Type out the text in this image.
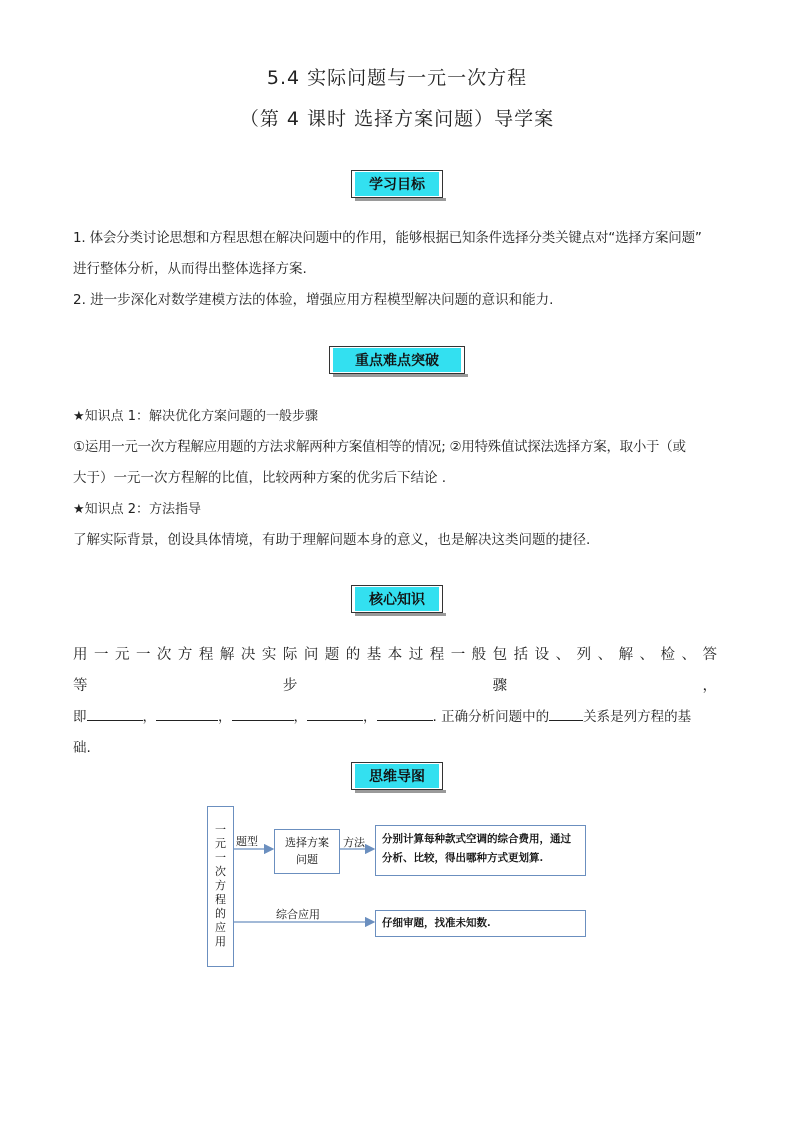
5.4 实际问题与一元一次方程
（第 4 课时 选择方案问题）导学案
学习目标
1. 体会分类讨论思想和方程思想在解决问题中的作用，能够根据已知条件选择分类关键点对“选择方案问题”
进行整体分析，从而得出整体选择方案.
2. 进一步深化对数学建模方法的体验，增强应用方程模型解决问题的意识和能力.
重点难点突破
★知识点 1：解决优化方案问题的一般步骤
①运用一元一次方程解应用题的方法求解两种方案值相等的情况; ②用特殊值试探法选择方案，取小于（或
大于）一元一次方程解的比值，比较两种方案的优劣后下结论 .
★知识点 2：方法指导
了解实际背景，创设具体情境，有助于理解问题本身的意义，也是解决这类问题的捷径.
核心知识
用一元一次方程解决实际问题的基本过程一般包括设、列、解、检、答等步骤，
即	，	，	，	，	. 正确分析问题中的	关系是列方程的基
础.
思维导图
一元一次方程的应用
题型 选择方案问题
方法	分别计算每种款式空调的综合费用，通过分析、比较，得出哪种方式更划算.
综合应用
仔细审题，找准未知数.
